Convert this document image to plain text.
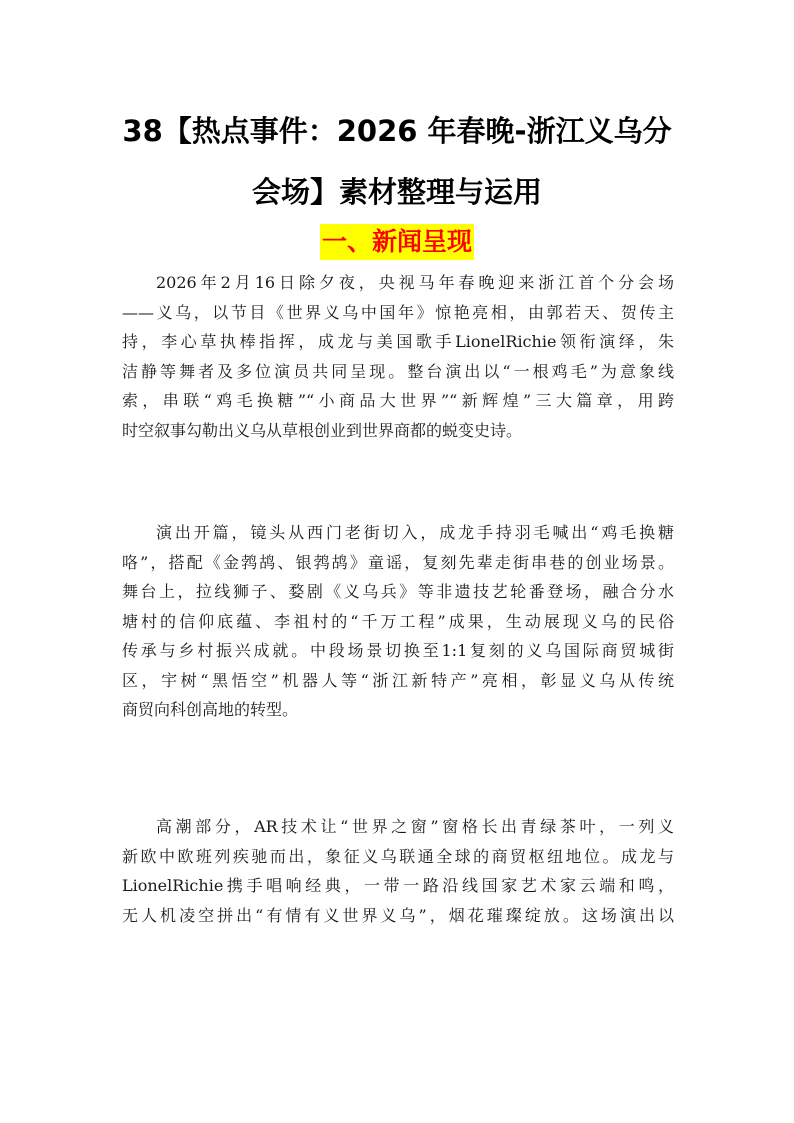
38【热点事件：2026 年春晚-浙江义乌分
会场】素材整理与运用
一、新闻呈现
2026年2月16日除夕夜，央视马年春晚迎来浙江首个分会场
——义乌，以节目《世界义乌中国年》惊艳亮相，由郭若天、贺传主
持，李心草执棒指挥，成龙与美国歌手LionelRichie领衔演绎，朱
洁静等舞者及多位演员共同呈现。整台演出以“一根鸡毛”为意象线
索，串联“鸡毛换糖”“小商品大世界”“新辉煌”三大篇章，用跨
时空叙事勾勒出义乌从草根创业到世界商都的蜕变史诗。
演出开篇，镜头从西门老街切入，成龙手持羽毛喊出“鸡毛换糖
咯”，搭配《金鹁鸪、银鹁鸪》童谣，复刻先辈走街串巷的创业场景。
舞台上，拉线狮子、婺剧《义乌兵》等非遗技艺轮番登场，融合分水
塘村的信仰底蕴、李祖村的“千万工程”成果，生动展现义乌的民俗
传承与乡村振兴成就。中段场景切换至1:1复刻的义乌国际商贸城街
区，宇树“黑悟空”机器人等“浙江新特产”亮相，彰显义乌从传统
商贸向科创高地的转型。
高潮部分，AR技术让“世界之窗”窗格长出青绿茶叶，一列义
新欧中欧班列疾驰而出，象征义乌联通全球的商贸枢纽地位。成龙与
LionelRichie携手唱响经典，一带一路沿线国家艺术家云端和鸣，
无人机凌空拼出“有情有义世界义乌”，烟花璀璨绽放。这场演出以
